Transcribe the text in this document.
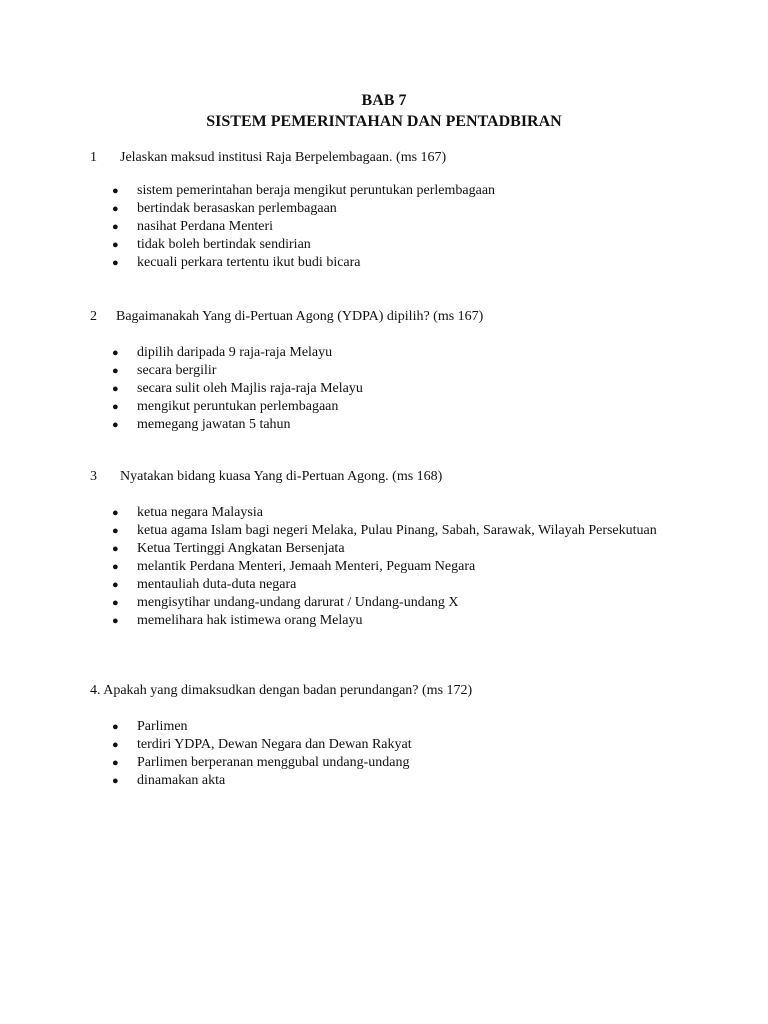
BAB 7
SISTEM PEMERINTAHAN DAN PENTADBIRAN
1 Jelaskan maksud institusi Raja Berpelembagaan. (ms 167)
● sistem pemerintahan beraja mengikut peruntukan perlembagaan
● bertindak berasaskan perlembagaan
● nasihat Perdana Menteri
● tidak boleh bertindak sendirian
● kecuali perkara tertentu ikut budi bicara
2 Bagaimanakah Yang di-Pertuan Agong (YDPA) dipilih? (ms 167)
● dipilih daripada 9 raja-raja Melayu
● secara bergilir
● secara sulit oleh Majlis raja-raja Melayu
● mengikut peruntukan perlembagaan
● memegang jawatan 5 tahun
3 Nyatakan bidang kuasa Yang di-Pertuan Agong. (ms 168)
● ketua negara Malaysia
● ketua agama Islam bagi negeri Melaka, Pulau Pinang, Sabah, Sarawak, Wilayah Persekutuan
● Ketua Tertinggi Angkatan Bersenjata
● melantik Perdana Menteri, Jemaah Menteri, Peguam Negara
● mentauliah duta-duta negara
● mengisytihar undang-undang darurat / Undang-undang X
● memelihara hak istimewa orang Melayu
4. Apakah yang dimaksudkan dengan badan perundangan? (ms 172)
● Parlimen
● terdiri YDPA, Dewan Negara dan Dewan Rakyat
● Parlimen berperanan menggubal undang-undang
● dinamakan akta
